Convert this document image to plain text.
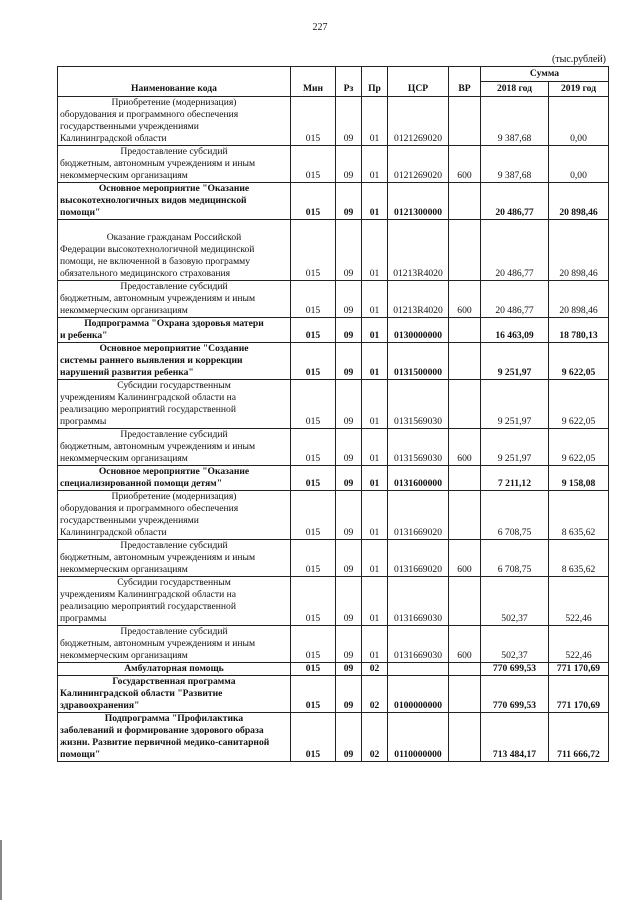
227
(тыс.рублей)
Наименование кода	Мин	Рз	Пр	ЦСР	ВР	Сумма	
						2018 год	2019 год

Приобретение (модернизация)
оборудования и программного обеспечения
государственными учреждениями
Калининградской области	015	09	01	0121269020		9 387,68	0,00

Предоставление субсидий
бюджетным, автономным учреждениям и иным
некоммерческим организациям	015	09	01	0121269020	600	9 387,68	0,00

Основное мероприятие "Оказание
высокотехнологичных видов медицинской
помощи"	015	09	01	0121300000		20 486,77	20 898,46

Оказание гражданам Российской
Федерации высокотехнологичной медицинской
помощи, не включенной в базовую программу
обязательного медицинского страхования	015	09	01	01213R4020		20 486,77	20 898,46

Предоставление субсидий
бюджетным, автономным учреждениям и иным
некоммерческим организациям	015	09	01	01213R4020	600	20 486,77	20 898,46

Подпрограмма "Охрана здоровья матери
и ребенка"	015	09	01	0130000000		16 463,09	18 780,13

Основное мероприятие "Создание
системы раннего выявления и коррекции
нарушений развития ребенка"	015	09	01	0131500000		9 251,97	9 622,05

Субсидии государственным
учреждениям Калининградской области на
реализацию мероприятий государственной
программы	015	09	01	0131569030		9 251,97	9 622,05

Предоставление субсидий
бюджетным, автономным учреждениям и иным
некоммерческим организациям	015	09	01	0131569030	600	9 251,97	9 622,05

Основное мероприятие "Оказание
специализированной помощи детям"	015	09	01	0131600000		7 211,12	9 158,08

Приобретение (модернизация)
оборудования и программного обеспечения
государственными учреждениями
Калининградской области	015	09	01	0131669020		6 708,75	8 635,62

Предоставление субсидий
бюджетным, автономным учреждениям и иным
некоммерческим организациям	015	09	01	0131669020	600	6 708,75	8 635,62

Субсидии государственным
учреждениям Калининградской области на
реализацию мероприятий государственной
программы	015	09	01	0131669030		502,37	522,46

Предоставление субсидий
бюджетным, автономным учреждениям и иным
некоммерческим организациям	015	09	01	0131669030	600	502,37	522,46

Амбулаторная помощь	015	09	02			770 699,53	771 170,69

Государственная программа
Калининградской области "Развитие
здравоохранения"	015	09	02	0100000000		770 699,53	771 170,69

Подпрограмма "Профилактика
заболеваний и формирование здорового образа
жизни. Развитие первичной медико-санитарной
помощи"	015	09	02	0110000000		713 484,17	711 666,72
